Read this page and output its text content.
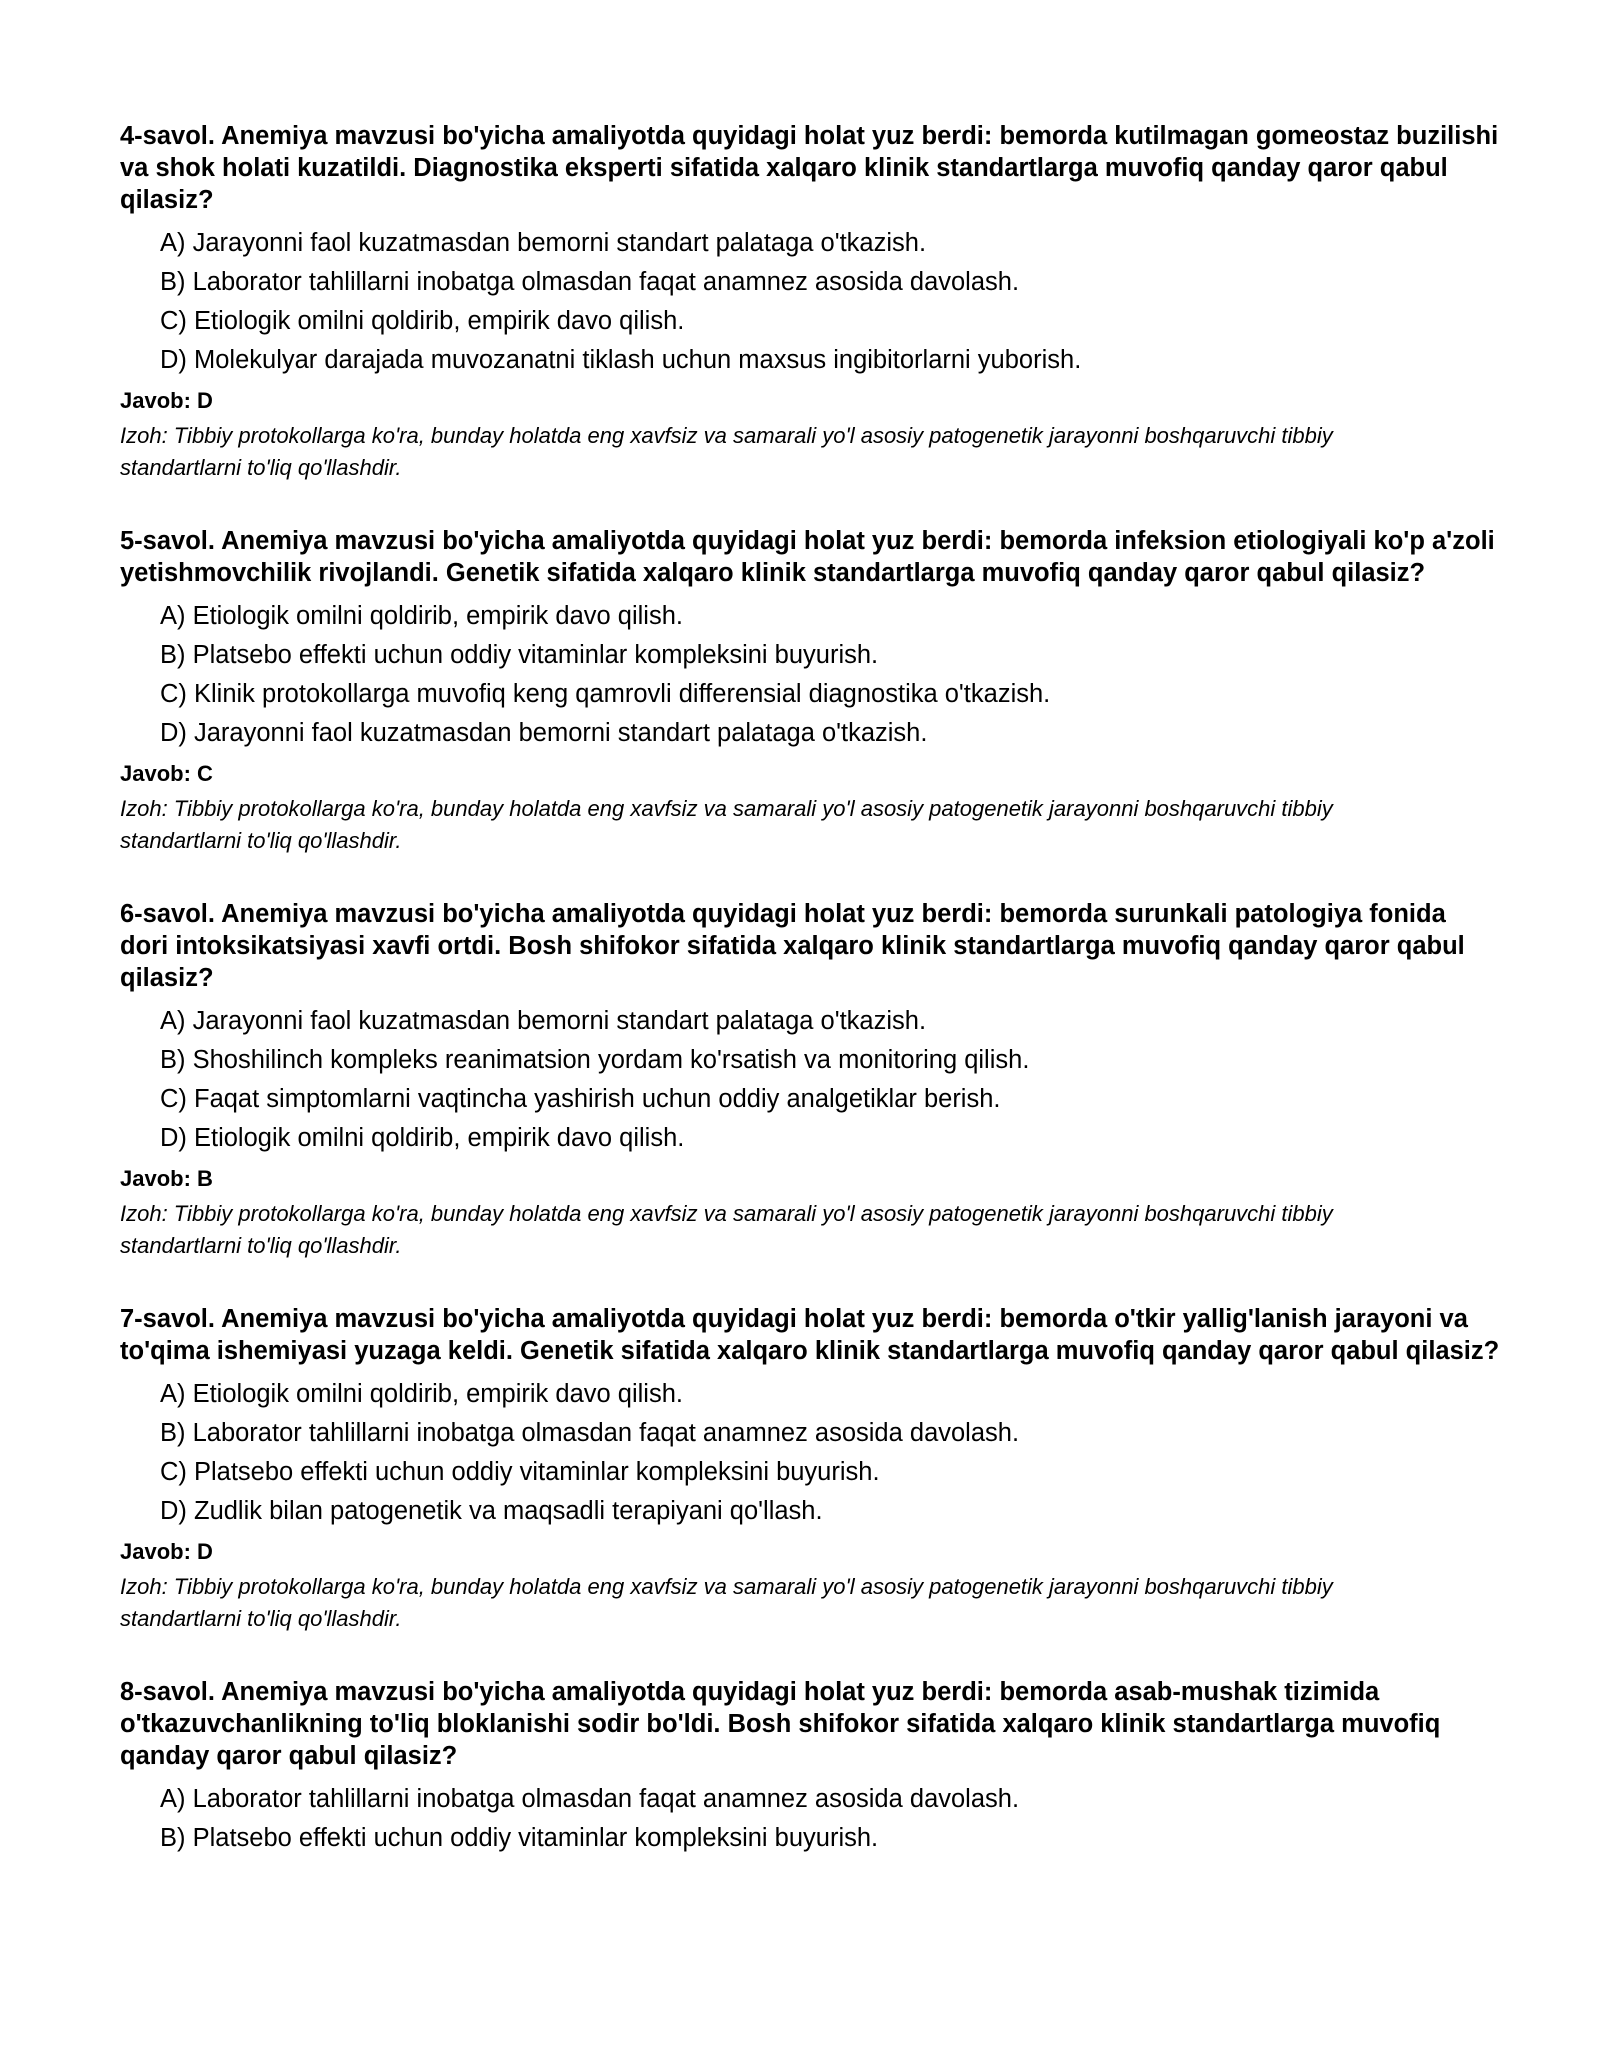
4-savol. Anemiya mavzusi bo'yicha amaliyotda quyidagi holat yuz berdi: bemorda kutilmagan gomeostaz buzilishi va shok holati kuzatildi. Diagnostika eksperti sifatida xalqaro klinik standartlarga muvofiq qanday qaror qabul qilasiz?
A) Jarayonni faol kuzatmasdan bemorni standart palataga o'tkazish.
B) Laborator tahlillarni inobatga olmasdan faqat anamnez asosida davolash.
C) Etiologik omilni qoldirib, empirik davo qilish.
D) Molekulyar darajada muvozanatni tiklash uchun maxsus ingibitorlarni yuborish.
Javob: D
Izoh: Tibbiy protokollarga ko'ra, bunday holatda eng xavfsiz va samarali yo'l asosiy patogenetik jarayonni boshqaruvchi tibbiy standartlarni to'liq qo'llashdir.
5-savol. Anemiya mavzusi bo'yicha amaliyotda quyidagi holat yuz berdi: bemorda infeksion etiologiyali ko'p a'zoli yetishmovchilik rivojlandi. Genetik sifatida xalqaro klinik standartlarga muvofiq qanday qaror qabul qilasiz?
A) Etiologik omilni qoldirib, empirik davo qilish.
B) Platsebo effekti uchun oddiy vitaminlar kompleksini buyurish.
C) Klinik protokollarga muvofiq keng qamrovli differensial diagnostika o'tkazish.
D) Jarayonni faol kuzatmasdan bemorni standart palataga o'tkazish.
Javob: C
Izoh: Tibbiy protokollarga ko'ra, bunday holatda eng xavfsiz va samarali yo'l asosiy patogenetik jarayonni boshqaruvchi tibbiy standartlarni to'liq qo'llashdir.
6-savol. Anemiya mavzusi bo'yicha amaliyotda quyidagi holat yuz berdi: bemorda surunkali patologiya fonida dori intoksikatsiyasi xavfi ortdi. Bosh shifokor sifatida xalqaro klinik standartlarga muvofiq qanday qaror qabul qilasiz?
A) Jarayonni faol kuzatmasdan bemorni standart palataga o'tkazish.
B) Shoshilinch kompleks reanimatsion yordam ko'rsatish va monitoring qilish.
C) Faqat simptomlarni vaqtincha yashirish uchun oddiy analgetiklar berish.
D) Etiologik omilni qoldirib, empirik davo qilish.
Javob: B
Izoh: Tibbiy protokollarga ko'ra, bunday holatda eng xavfsiz va samarali yo'l asosiy patogenetik jarayonni boshqaruvchi tibbiy standartlarni to'liq qo'llashdir.
7-savol. Anemiya mavzusi bo'yicha amaliyotda quyidagi holat yuz berdi: bemorda o'tkir yallig'lanish jarayoni va to'qima ishemiyasi yuzaga keldi. Genetik sifatida xalqaro klinik standartlarga muvofiq qanday qaror qabul qilasiz?
A) Etiologik omilni qoldirib, empirik davo qilish.
B) Laborator tahlillarni inobatga olmasdan faqat anamnez asosida davolash.
C) Platsebo effekti uchun oddiy vitaminlar kompleksini buyurish.
D) Zudlik bilan patogenetik va maqsadli terapiyani qo'llash.
Javob: D
Izoh: Tibbiy protokollarga ko'ra, bunday holatda eng xavfsiz va samarali yo'l asosiy patogenetik jarayonni boshqaruvchi tibbiy standartlarni to'liq qo'llashdir.
8-savol. Anemiya mavzusi bo'yicha amaliyotda quyidagi holat yuz berdi: bemorda asab-mushak tizimida o'tkazuvchanlikning to'liq bloklanishi sodir bo'ldi. Bosh shifokor sifatida xalqaro klinik standartlarga muvofiq qanday qaror qabul qilasiz?
A) Laborator tahlillarni inobatga olmasdan faqat anamnez asosida davolash.
B) Platsebo effekti uchun oddiy vitaminlar kompleksini buyurish.
